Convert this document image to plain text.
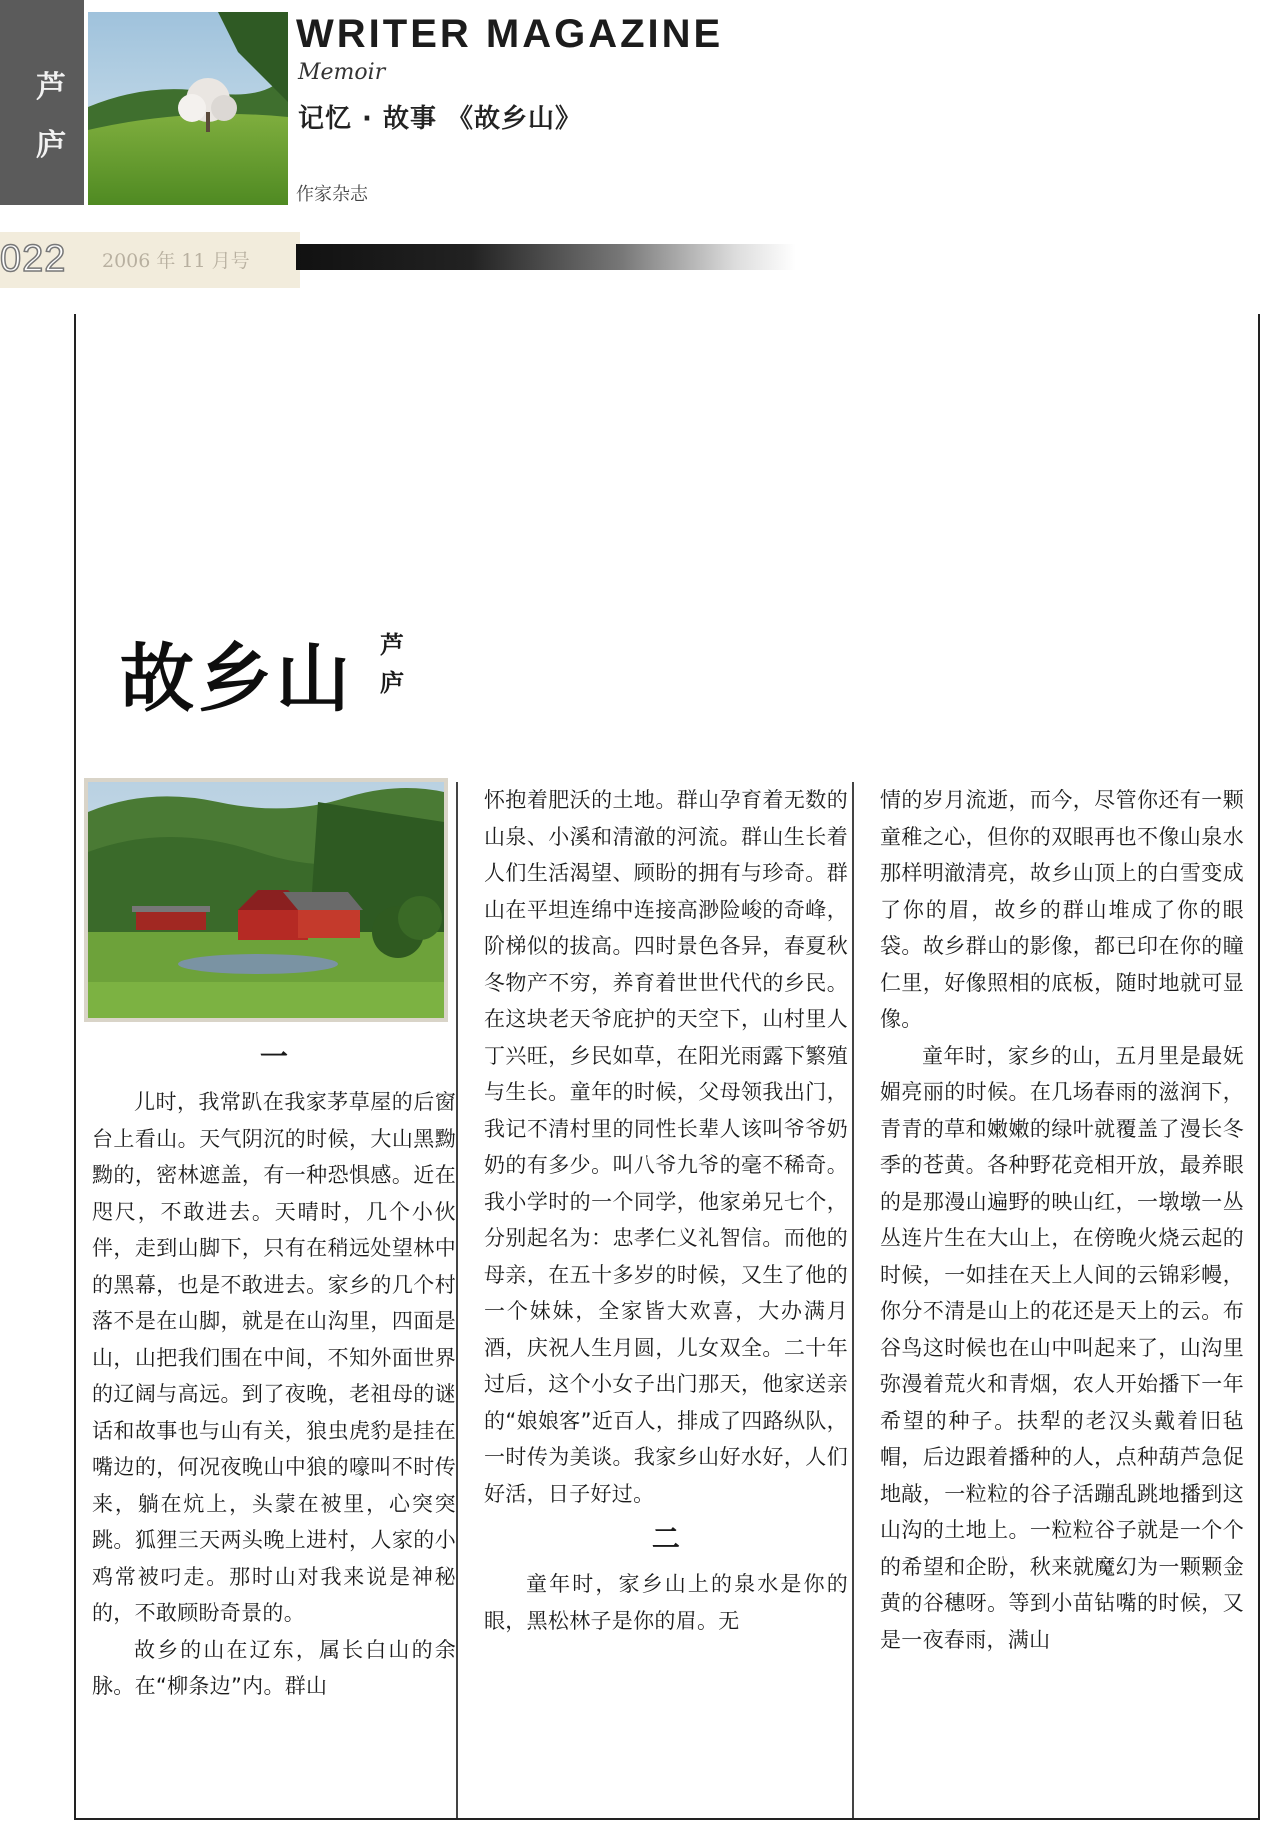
芦
庐
WRITER MAGAZINE
Memoir
记忆 · 故事 《故乡山》
作家杂志
022 2006 年 11 月号
故乡山 芦 庐
一

儿时，我常趴在我家茅草屋的后窗台上看山。天气阴沉的时候，大山黑黝黝的，密林遮盖，有一种恐惧感。近在咫尺，不敢进去。天晴时，几个小伙伴，走到山脚下，只有在稍远处望林中的黑幕，也是不敢进去。家乡的几个村落不是在山脚，就是在山沟里，四面是山，山把我们围在中间，不知外面世界的辽阔与高远。到了夜晚，老祖母的谜话和故事也与山有关，狼虫虎豹是挂在嘴边的，何况夜晚山中狼的嚎叫不时传来，躺在炕上，头蒙在被里，心突突跳。狐狸三天两头晚上进村，人家的小鸡常被叼走。那时山对我来说是神秘的，不敢顾盼奇景的。

故乡的山在辽东，属长白山的余脉。在“柳条边”内。群山

怀抱着肥沃的土地。群山孕育着无数的山泉、小溪和清澈的河流。群山生长着人们生活渴望、顾盼的拥有与珍奇。群山在平坦连绵中连接高渺险峻的奇峰，阶梯似的拔高。四时景色各异，春夏秋冬物产不穷，养育着世世代代的乡民。在这块老天爷庇护的天空下，山村里人丁兴旺，乡民如草，在阳光雨露下繁殖与生长。童年的时候，父母领我出门，我记不清村里的同性长辈人该叫爷爷奶奶的有多少。叫八爷九爷的毫不稀奇。我小学时的一个同学，他家弟兄七个，分别起名为：忠孝仁义礼智信。而他的母亲，在五十多岁的时候，又生了他的一个妹妹，全家皆大欢喜，大办满月酒，庆祝人生月圆，儿女双全。二十年过后，这个小女子出门那天，他家送亲的“娘娘客”近百人，排成了四路纵队，一时传为美谈。我家乡山好水好，人们好活，日子好过。

二

童年时，家乡山上的泉水是你的眼，黑松林子是你的眉。无

情的岁月流逝，而今，尽管你还有一颗童稚之心，但你的双眼再也不像山泉水那样明澈清亮，故乡山顶上的白雪变成了你的眉，故乡的群山堆成了你的眼袋。故乡群山的影像，都已印在你的瞳仁里，好像照相的底板，随时地就可显像。

童年时，家乡的山，五月里是最妩媚亮丽的时候。在几场春雨的滋润下，青青的草和嫩嫩的绿叶就覆盖了漫长冬季的苍黄。各种野花竞相开放，最养眼的是那漫山遍野的映山红，一墩墩一丛丛连片生在大山上，在傍晚火烧云起的时候，一如挂在天上人间的云锦彩幔，你分不清是山上的花还是天上的云。布谷鸟这时候也在山中叫起来了，山沟里弥漫着荒火和青烟，农人开始播下一年希望的种子。扶犁的老汉头戴着旧毡帽，后边跟着播种的人，点种葫芦急促地敲，一粒粒的谷子活蹦乱跳地播到这山沟的土地上。一粒粒谷子就是一个个的希望和企盼，秋来就魔幻为一颗颗金黄的谷穗呀。等到小苗钻嘴的时候，又是一夜春雨，满山
